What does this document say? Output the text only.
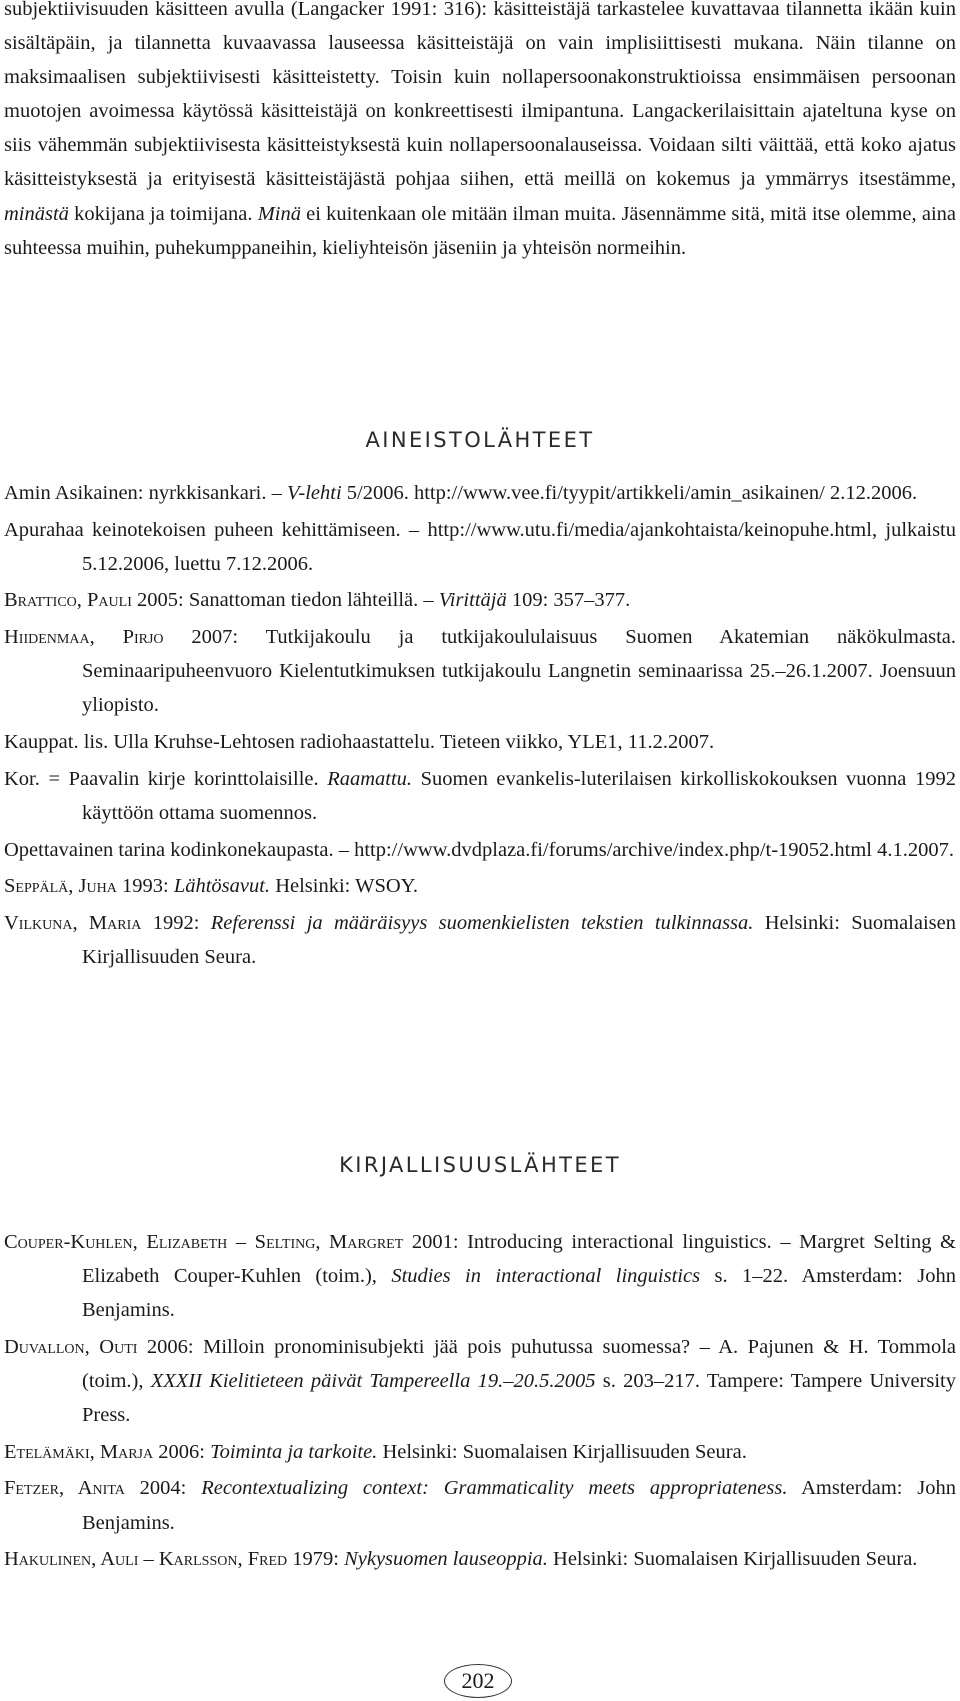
subjektiivisuuden käsitteen avulla (Langacker 1991: 316): käsitteistäjä tarkastelee kuvattavaa tilannetta ikään kuin sisältäpäin, ja tilannetta kuvaavassa lauseessa käsitteistäjä on vain implisiittisesti mukana. Näin tilanne on maksimaalisen subjektiivisesti käsitteistetty. Toisin kuin nollapersoonakonstruktioissa ensimmäisen persoonan muotojen avoimessa käytössä käsitteistäjä on konkreettisesti ilmipantuna. Langackerilaisittain ajateltuna kyse on siis vähemmän subjektiivisesta käsitteistyksestä kuin nollapersoonalauseissa. Voidaan silti väittää, että koko ajatus käsitteistyksestä ja erityisestä käsitteistäjästä pohjaa siihen, että meillä on kokemus ja ymmärrys itsestämme, minästä kokijana ja toimijana. Minä ei kuitenkaan ole mitään ilman muita. Jäsennämme sitä, mitä itse olemme, aina suhteessa muihin, puhekumppaneihin, kieliyhteisön jäseniin ja yhteisön normeihin.

AINEISTOLÄHTEET
Amin Asikainen: nyrkkisankari. – V-lehti 5/2006. http://www.vee.fi/tyypit/artikkeli/amin_asikainen/ 2.12.2006.
Apurahaa keinotekoisen puheen kehittämiseen. – http://www.utu.fi/media/ajankohtaista/keinopuhe.html, julkaistu 5.12.2006, luettu 7.12.2006.
Brattico, Pauli 2005: Sanattoman tiedon lähteillä. – Virittäjä 109: 357–377.
Hiidenmaa, Pirjo 2007: Tutkijakoulu ja tutkijakoululaisuus Suomen Akatemian näkökulmasta. Seminaaripuheenvuoro Kielentutkimuksen tutkijakoulu Langnetin seminaarissa 25.–26.1.2007. Joensuun yliopisto.
Kauppat. lis. Ulla Kruhse-Lehtosen radiohaastattelu. Tieteen viikko, YLE1, 11.2.2007.
Kor. = Paavalin kirje korinttolaisille. Raamattu. Suomen evankelis-luterilaisen kirkolliskokouksen vuonna 1992 käyttöön ottama suomennos.
Opettavainen tarina kodinkonekaupasta. – http://www.dvdplaza.fi/forums/archive/index.php/t-19052.html 4.1.2007.
Seppälä, Juha 1993: Lähtösavut. Helsinki: WSOY.
Vilkuna, Maria 1992: Referenssi ja määräisyys suomenkielisten tekstien tulkinnassa. Helsinki: Suomalaisen Kirjallisuuden Seura.
KIRJALLISUUSLÄHTEET
Couper-Kuhlen, Elizabeth – Selting, Margret 2001: Introducing interactional linguistics. – Margret Selting & Elizabeth Couper-Kuhlen (toim.), Studies in interactional linguistics s. 1–22. Amsterdam: John Benjamins.
Duvallon, Outi 2006: Milloin pronominisubjekti jää pois puhutussa suomessa? – A. Pajunen & H. Tommola (toim.), XXXII Kielitieteen päivät Tampereella 19.–20.5.2005 s. 203–217. Tampere: Tampere University Press.
Etelämäki, Marja 2006: Toiminta ja tarkoite. Helsinki: Suomalaisen Kirjallisuuden Seura.
Fetzer, Anita 2004: Recontextualizing context: Grammaticality meets appropriateness. Amsterdam: John Benjamins.
Hakulinen, Auli – Karlsson, Fred 1979: Nykysuomen lauseoppia. Helsinki: Suomalaisen Kirjallisuuden Seura.
202
